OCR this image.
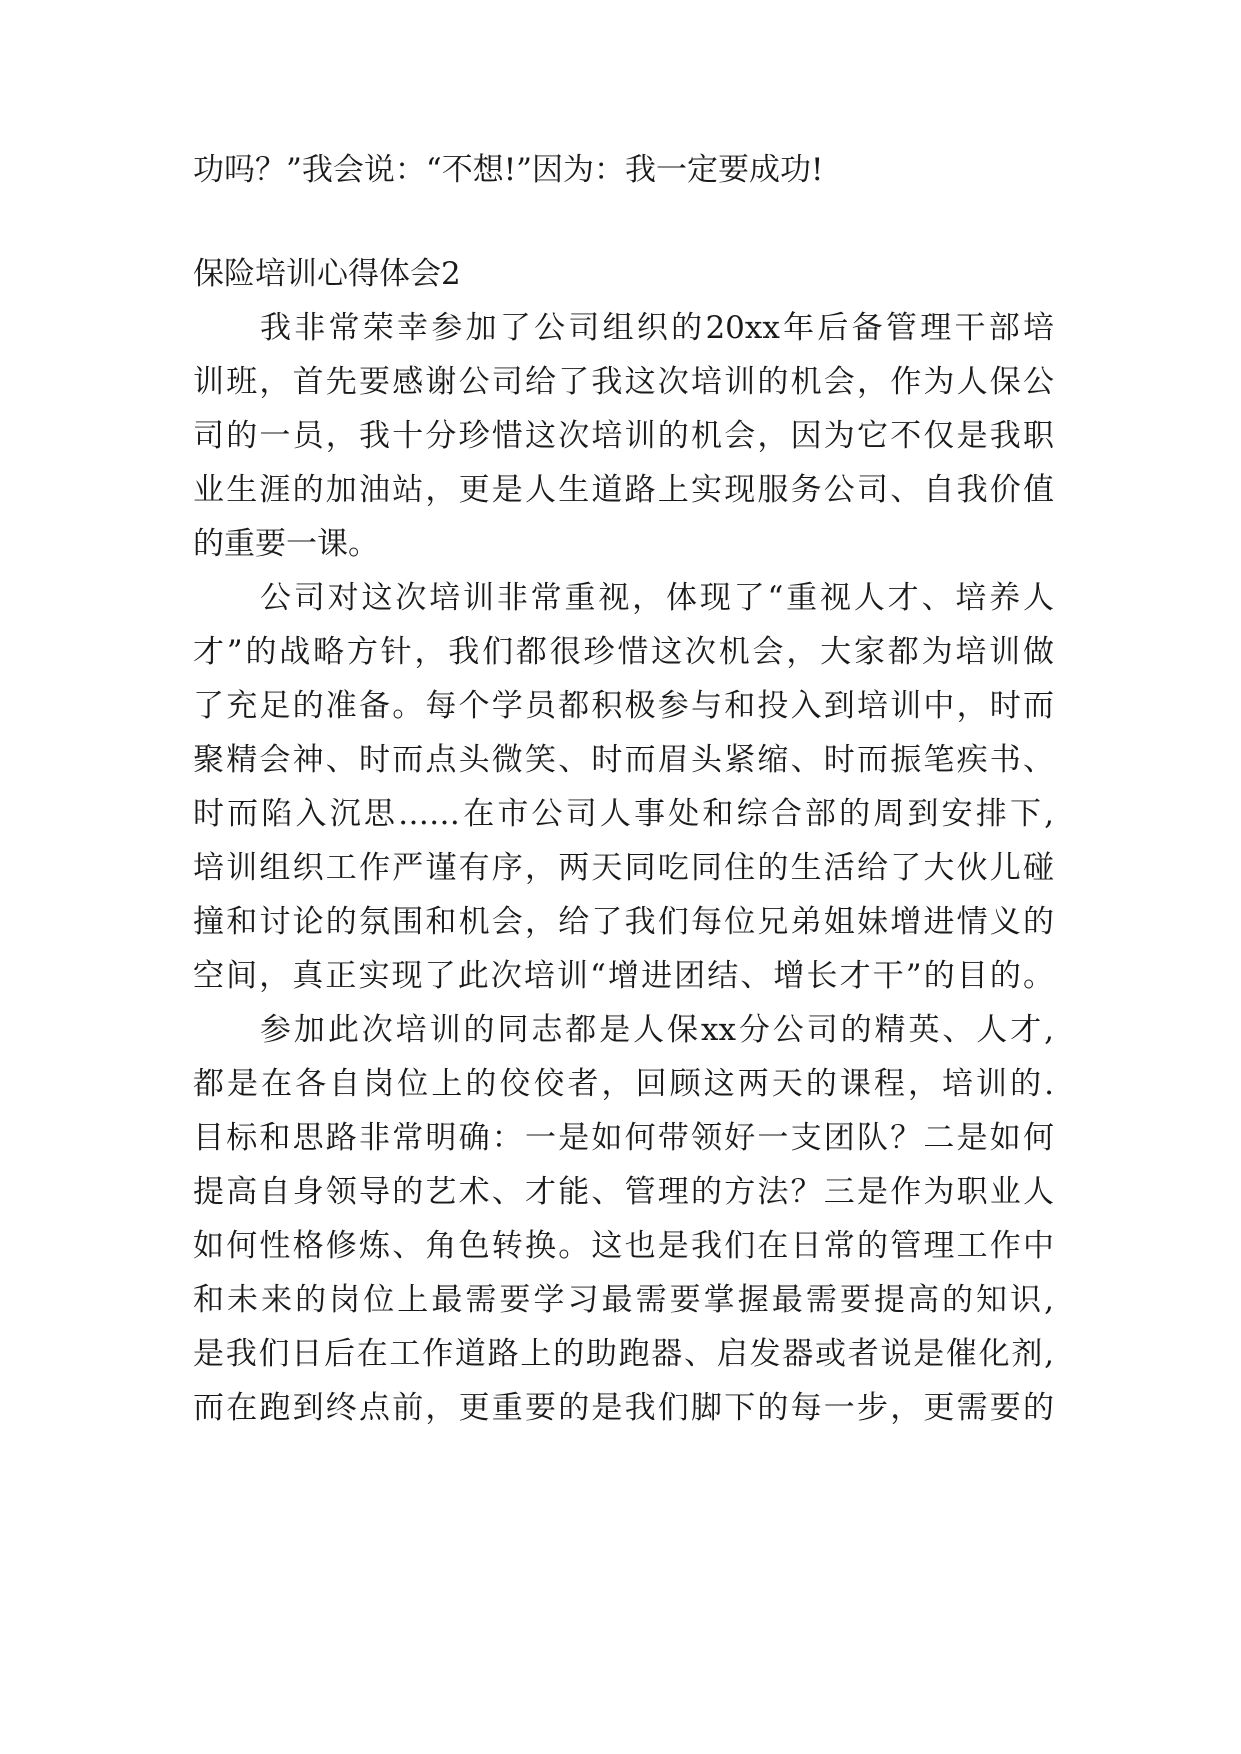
功吗？”我会说：“不想!”因为：我一定要成功!
保险培训心得体会2
我非常荣幸参加了公司组织的20xx年后备管理干部培
训班，首先要感谢公司给了我这次培训的机会，作为人保公
司的一员，我十分珍惜这次培训的机会，因为它不仅是我职
业生涯的加油站，更是人生道路上实现服务公司、自我价值
的重要一课。
公司对这次培训非常重视，体现了“重视人才、培养人
才”的战略方针，我们都很珍惜这次机会，大家都为培训做
了充足的准备。每个学员都积极参与和投入到培训中，时而
聚精会神、时而点头微笑、时而眉头紧缩、时而振笔疾书、
时而陷入沉思……在市公司人事处和综合部的周到安排下,
培训组织工作严谨有序，两天同吃同住的生活给了大伙儿碰
撞和讨论的氛围和机会，给了我们每位兄弟姐妹增进情义的
空间，真正实现了此次培训“增进团结、增长才干”的目的。
参加此次培训的同志都是人保xx分公司的精英、人才,
都是在各自岗位上的佼佼者，回顾这两天的课程，培训的.
目标和思路非常明确：一是如何带领好一支团队？二是如何
提高自身领导的艺术、才能、管理的方法？三是作为职业人
如何性格修炼、角色转换。这也是我们在日常的管理工作中
和未来的岗位上最需要学习最需要掌握最需要提高的知识,
是我们日后在工作道路上的助跑器、启发器或者说是催化剂,
而在跑到终点前，更重要的是我们脚下的每一步，更需要的
